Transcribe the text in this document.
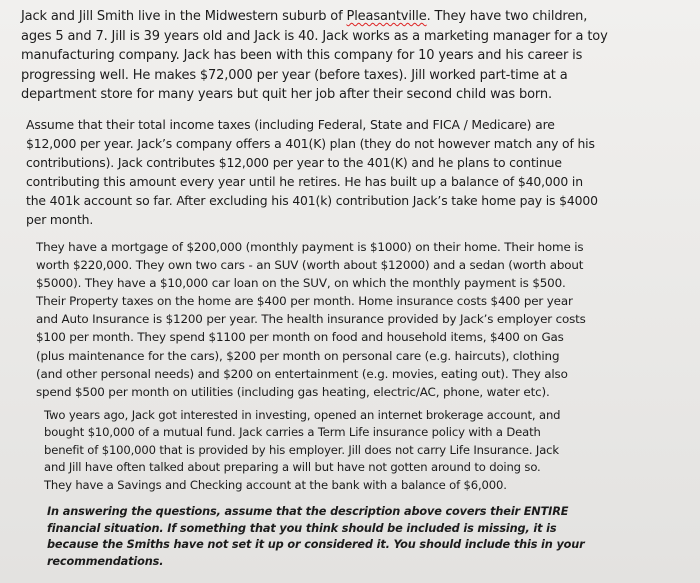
Jack and Jill Smith live in the Midwestern suburb of Pleasantville. They have two children,
ages 5 and 7. Jill is 39 years old and Jack is 40. Jack works as a marketing manager for a toy
manufacturing company. Jack has been with this company for 10 years and his career is
progressing well. He makes $72,000 per year (before taxes). Jill worked part-time at a
department store for many years but quit her job after their second child was born.
Assume that their total income taxes (including Federal, State and FICA / Medicare) are
$12,000 per year. Jack’s company offers a 401(K) plan (they do not however match any of his
contributions). Jack contributes $12,000 per year to the 401(K) and he plans to continue
contributing this amount every year until he retires. He has built up a balance of $40,000 in
the 401k account so far. After excluding his 401(k) contribution Jack’s take home pay is $4000
per month.
They have a mortgage of $200,000 (monthly payment is $1000) on their home. Their home is
worth $220,000. They own two cars - an SUV (worth about $12000) and a sedan (worth about
$5000). They have a $10,000 car loan on the SUV, on which the monthly payment is $500.
Their Property taxes on the home are $400 per month. Home insurance costs $400 per year
and Auto Insurance is $1200 per year. The health insurance provided by Jack’s employer costs
$100 per month. They spend $1100 per month on food and household items, $400 on Gas
(plus maintenance for the cars), $200 per month on personal care (e.g. haircuts), clothing
(and other personal needs) and $200 on entertainment (e.g. movies, eating out). They also
spend $500 per month on utilities (including gas heating, electric/AC, phone, water etc).
Two years ago, Jack got interested in investing, opened an internet brokerage account, and
bought $10,000 of a mutual fund. Jack carries a Term Life insurance policy with a Death
benefit of $100,000 that is provided by his employer. Jill does not carry Life Insurance. Jack
and Jill have often talked about preparing a will but have not gotten around to doing so.
They have a Savings and Checking account at the bank with a balance of $6,000.
In answering the questions, assume that the description above covers their ENTIRE
financial situation. If something that you think should be included is missing, it is
because the Smiths have not set it up or considered it. You should include this in your
recommendations.
